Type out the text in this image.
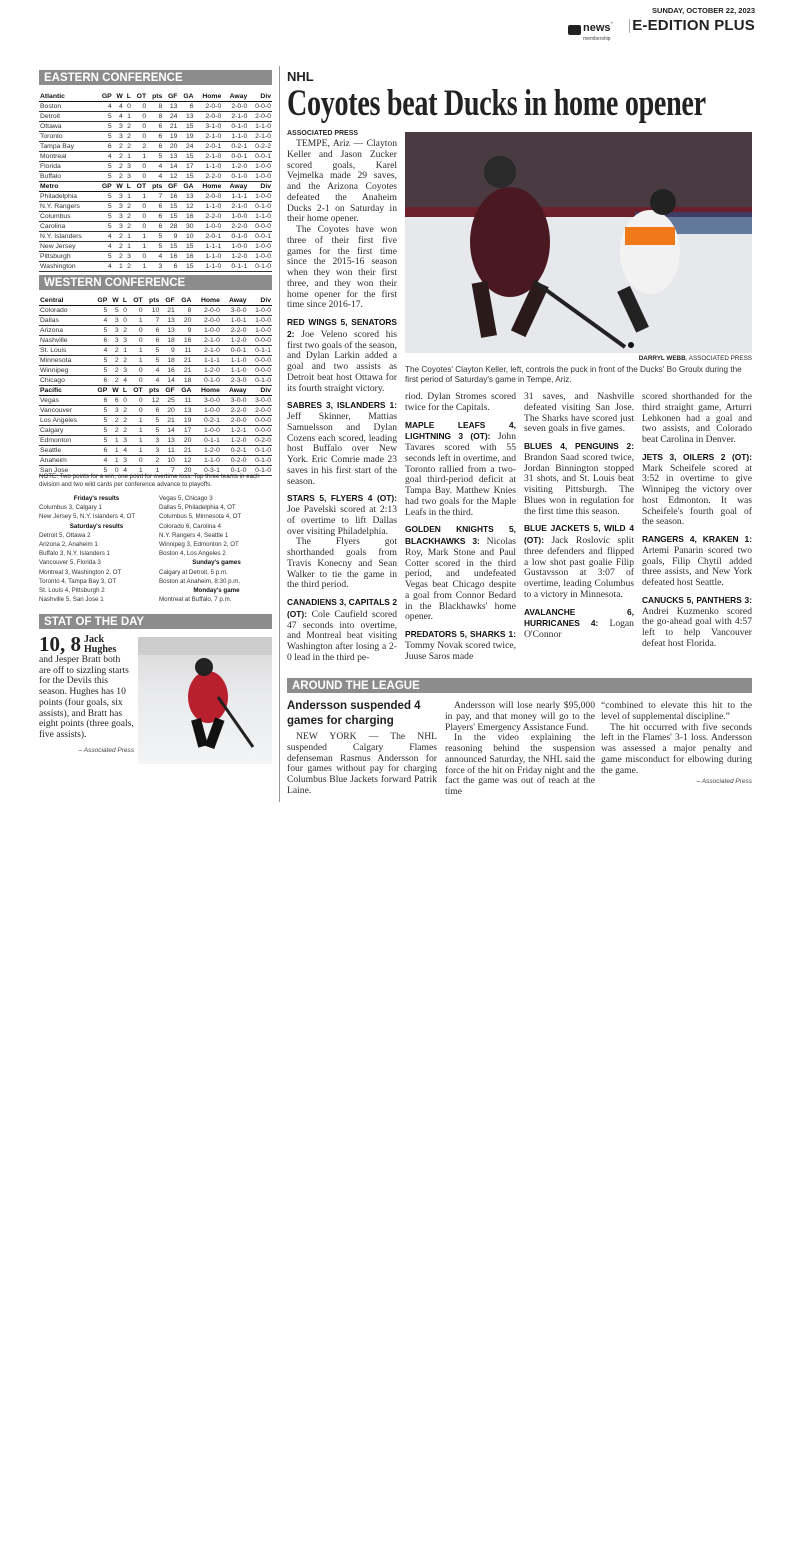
news+
membership
SUNDAY, OCTOBER 22, 2023
E-EDITION PLUS
EASTERN CONFERENCE
Atlantic	GP	W	L	OT	pts	GF	GA	Home	Away	Div
Boston	4	4	0	0	8	13	6	2-0-0	2-0-0	0-0-0
Detroit	5	4	1	0	8	24	13	2-0-0	2-1-0	2-0-0
Ottawa	5	3	2	0	6	21	15	3-1-0	0-1-0	1-1-0
Toronto	5	3	2	0	6	19	19	2-1-0	1-1-0	2-1-0
Tampa Bay	6	2	2	2	6	20	24	2-0-1	0-2-1	0-2-2
Montreal	4	2	1	1	5	13	15	2-1-0	0-0-1	0-0-1
Florida	5	2	3	0	4	14	17	1-1-0	1-2-0	1-0-0
Buffalo	5	2	3	0	4	12	15	2-2-0	0-1-0	1-0-0
Metro	GP	W	L	OT	pts	GF	GA	Home	Away	Div
Philadelphia	5	3	1	1	7	16	13	2-0-0	1-1-1	1-0-0
N.Y. Rangers	5	3	2	0	6	15	12	1-1-0	2-1-0	0-1-0
Columbus	5	3	2	0	6	15	16	2-2-0	1-0-0	1-1-0
Carolina	5	3	2	0	6	28	30	1-0-0	2-2-0	0-0-0
N.Y. Islanders	4	2	1	1	5	9	10	2-0-1	0-1-0	0-0-1
New Jersey	4	2	1	1	5	15	15	1-1-1	1-0-0	1-0-0
Pittsburgh	5	2	3	0	4	16	16	1-1-0	1-2-0	1-0-0
Washington	4	1	2	1	3	6	15	1-1-0	0-1-1	0-1-0
WESTERN CONFERENCE
Central	GP	W	L	OT	pts	GF	GA	Home	Away	Div
Colorado	5	5	0	0	10	21	8	2-0-0	3-0-0	1-0-0
Dallas	4	3	0	1	7	13	20	2-0-0	1-0-1	1-0-0
Arizona	5	3	2	0	6	13	9	1-0-0	2-2-0	1-0-0
Nashville	6	3	3	0	6	18	16	2-1-0	1-2-0	0-0-0
St. Louis	4	2	1	1	5	9	11	2-1-0	0-0-1	0-1-1
Minnesota	5	2	2	1	5	18	21	1-1-1	1-1-0	0-0-0
Winnipeg	5	2	3	0	4	16	21	1-2-0	1-1-0	0-0-0
Chicago	6	2	4	0	4	14	18	0-1-0	2-3-0	0-1-0
Pacific	GP	W	L	OT	pts	GF	GA	Home	Away	Div
Vegas	6	6	0	0	12	25	11	3-0-0	3-0-0	3-0-0
Vancouver	5	3	2	0	6	20	13	1-0-0	2-2-0	2-0-0
Los Angeles	5	2	2	1	5	21	19	0-2-1	2-0-0	0-0-0
Calgary	5	2	2	1	5	14	17	1-0-0	1-2-1	0-0-0
Edmonton	5	1	3	1	3	13	20	0-1-1	1-2-0	0-2-0
Seattle	6	1	4	1	3	11	21	1-2-0	0-2-1	0-1-0
Anaheim	4	1	3	0	2	10	12	1-1-0	0-2-0	0-1-0
San Jose	5	0	4	1	1	7	20	0-3-1	0-1-0	0-1-0
NOTE: Two points for a win, one point for overtime loss. Top three teams in each division and two wild cards per conference advance to playoffs.
Friday's results
Columbus 3, Calgary 1
New Jersey 5, N.Y. Islanders 4, OT
Saturday's results
Detroit 5, Ottawa 2
Arizona 2, Anaheim 1
Buffalo 3, N.Y. Islanders 1
Vancouver 5, Florida 3
Montreal 3, Washington 2, OT
Toronto 4, Tampa Bay 3, OT
St. Louis 4, Pittsburgh 2
Nashville 5, San Jose 1
Vegas 5, Chicago 3
Dallas 5, Philadelphia 4, OT
Columbus 5, Minnesota 4, OT
Colorado 6, Carolina 4
N.Y. Rangers 4, Seattle 1
Winnipeg 3, Edmonton 2, OT
Boston 4, Los Angeles 2
Sunday's games
Calgary at Detroit, 5 p.m.
Boston at Anaheim, 8:30 p.m.
Monday's game
Montreal at Buffalo, 7 p.m.
STAT OF THE DAY
10, 8 Jack Hughes
and Jesper Bratt both are off to sizzling starts for the Devils this season. Hughes has 10 points (four goals, six assists), and Bratt has eight points (three goals, five assists).
– Associated Press
NHL
Coyotes beat Ducks in home opener
DARRYL WEBB, ASSOCIATED PRESS
The Coyotes' Clayton Keller, left, controls the puck in front of the Ducks' Bo Groulx during the first period of Saturday's game in Tempe, Ariz.
ASSOCIATED PRESS

TEMPE, Ariz — Clayton Keller and Jason Zucker scored goals, Karel Vejmelka made 29 saves, and the Arizona Coyotes defeated the Anaheim Ducks 2-1 on Saturday in their home opener.

The Coyotes have won three of their first five games for the first time since the 2015-16 season when they won their first three, and they won their home opener for the first time since 2016-17.

RED WINGS 5, SENATORS 2: Joe Veleno scored his first two goals of the season, and Dylan Larkin added a goal and two assists as Detroit beat host Ottawa for its fourth straight victory.

SABRES 3, ISLANDERS 1: Jeff Skinner, Mattias Samuelsson and Dylan Cozens each scored, leading host Buffalo over New York. Eric Comrie made 23 saves in his first start of the season.

STARS 5, FLYERS 4 (OT): Joe Pavelski scored at 2:13 of overtime to lift Dallas over visiting Philadelphia.

The Flyers got shorthanded goals from Travis Konecny and Sean Walker to tie the game in the third period.

CANADIENS 3, CAPITALS 2 (OT): Cole Caufield scored 47 seconds into overtime, and Montreal beat visiting Washington after losing a 2-0 lead in the third pe-

riod. Dylan Stromes scored twice for the Capitals.

MAPLE LEAFS 4, LIGHTNING 3 (OT): John Tavares scored with 55 seconds left in overtime, and Toronto rallied from a two-goal third-period deficit at Tampa Bay. Matthew Knies had two goals for the Maple Leafs in the third.

GOLDEN KNIGHTS 5, BLACKHAWKS 3: Nicolas Roy, Mark Stone and Paul Cotter scored in the third period, and undefeated Vegas beat Chicago despite a goal from Connor Bedard in the Blackhawks' home opener.

PREDATORS 5, SHARKS 1: Tommy Novak scored twice, Juuse Saros made

31 saves, and Nashville defeated visiting San Jose. The Sharks have scored just seven goals in five games.

BLUES 4, PENGUINS 2: Brandon Saad scored twice, Jordan Binnington stopped 31 shots, and St. Louis beat visiting Pittsburgh. The Blues won in regulation for the first time this season.

BLUE JACKETS 5, WILD 4 (OT): Jack Roslovic split three defenders and flipped a low shot past goalie Filip Gustavsson at 3:07 of overtime, leading Columbus to a victory in Minnesota.

AVALANCHE 6, HURRICANES 4: Logan O'Connor

scored shorthanded for the third straight game, Arturri Lehkonen had a goal and two assists, and Colorado beat Carolina in Denver.

JETS 3, OILERS 2 (OT): Mark Scheifele scored at 3:52 in overtime to give Winnipeg the victory over host Edmonton. It was Scheifele's fourth goal of the season.

RANGERS 4, KRAKEN 1: Artemi Panarin scored two goals, Filip Chytil added three assists, and New York defeated host Seattle.

CANUCKS 5, PANTHERS 3: Andrei Kuzmenko scored the go-ahead goal with 4:57 left to help Vancouver defeat host Florida.

AROUND THE LEAGUE
Andersson suspended 4 games for charging

NEW YORK — The NHL suspended Calgary Flames defenseman Rasmus Andersson for four games without pay for charging Columbus Blue Jackets forward Patrik Laine.

Andersson will lose nearly $95,000 in pay, and that money will go to the Players' Emergency Assistance Fund.

In the video explaining the reasoning behind the suspension announced Saturday, the NHL said the force of the hit on Friday night and the fact the game was out of reach at the time

“combined to elevate this hit to the level of supplemental discipline.”

The hit occurred with five seconds left in the Flames' 3-1 loss. Andersson was assessed a major penalty and game misconduct for elbowing during the game.

– Associated Press
